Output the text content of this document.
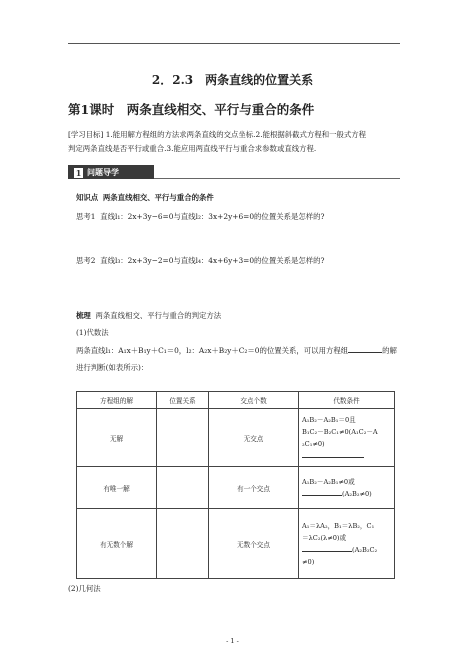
2．2.3　两条直线的位置关系
第1课时　两条直线相交、平行与重合的条件
[学习目标] 1.能用解方程组的方法求两条直线的交点坐标.2.能根据斜截式方程和一般式方程
判定两条直线是否平行或重合.3.能应用两直线平行与重合求参数或直线方程.
1 问题导学
知识点 两条直线相交、平行与重合的条件
思考1 直线l₁：2x+3y−6=0与直线l₂：3x+2y+6=0的位置关系是怎样的?
思考2 直线l₃：2x+3y−2=0与直线l₄：4x+6y+3=0的位置关系是怎样的?
梳理 两条直线相交、平行与重合的判定方法
(1)代数法
两条直线l₁：A₁x＋B₁y＋C₁＝0，l₂：A₂x＋B₂y＋C₂＝0的位置关系，可以用方程组	的解
进行判断(如表所示)：
方程组的解	位置关系	交点个数	代数条件
无解		无交点	A₁B₂－A₂B₁＝0且
B₁C₂－B₂C₁≠0(A₁C₂－A
₂C₁≠0)

有唯一解		有一个交点	A₁B₂－A₂B₁≠0或
(A₂B₂≠0)

有无数个解		无数个交点	A₁＝λA₂，B₁＝λB₂，C₁
＝λC₂(λ≠0)或
(A₂B₂C₂
≠0)
(2)几何法
- 1 -
